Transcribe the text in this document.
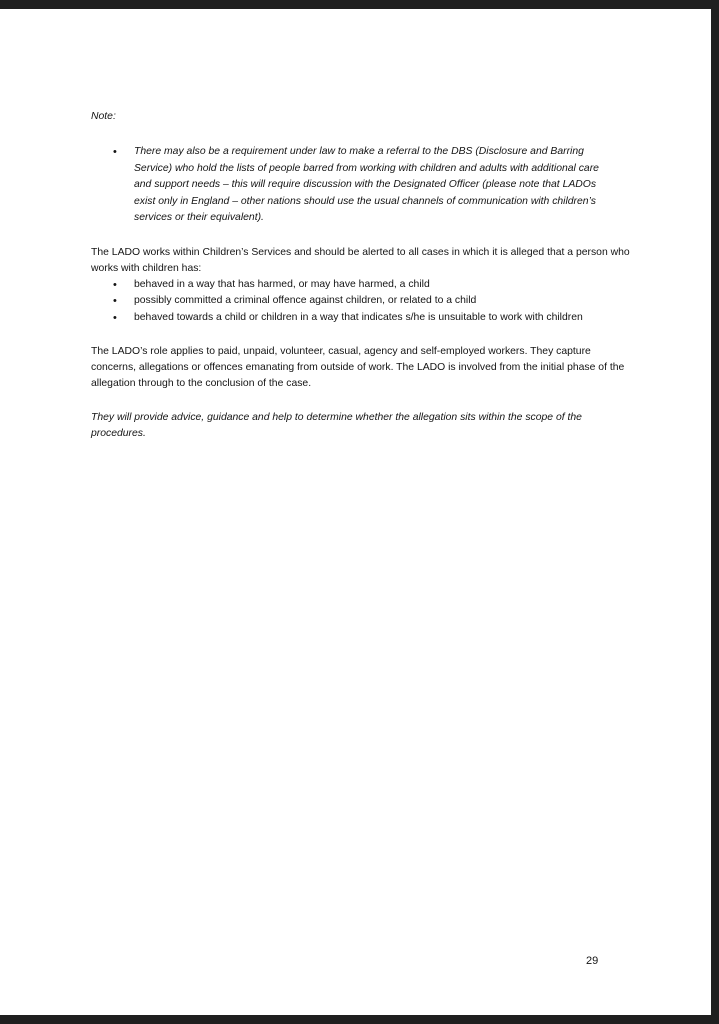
Note:

• There may also be a requirement under law to make a referral to the DBS (Disclosure and Barring Service) who hold the lists of people barred from working with children and adults with additional care and support needs – this will require discussion with the Designated Officer (please note that LADOs exist only in England – other nations should use the usual channels of communication with children’s services or their equivalent).

The LADO works within Children’s Services and should be alerted to all cases in which it is alleged that a person who works with children has:

• behaved in a way that has harmed, or may have harmed, a child
• possibly committed a criminal offence against children, or related to a child
• behaved towards a child or children in a way that indicates s/he is unsuitable to work with children

The LADO’s role applies to paid, unpaid, volunteer, casual, agency and self-employed workers. They capture concerns, allegations or offences emanating from outside of work. The LADO is involved from the initial phase of the allegation through to the conclusion of the case.

They will provide advice, guidance and help to determine whether the allegation sits within the scope of the procedures.

29
